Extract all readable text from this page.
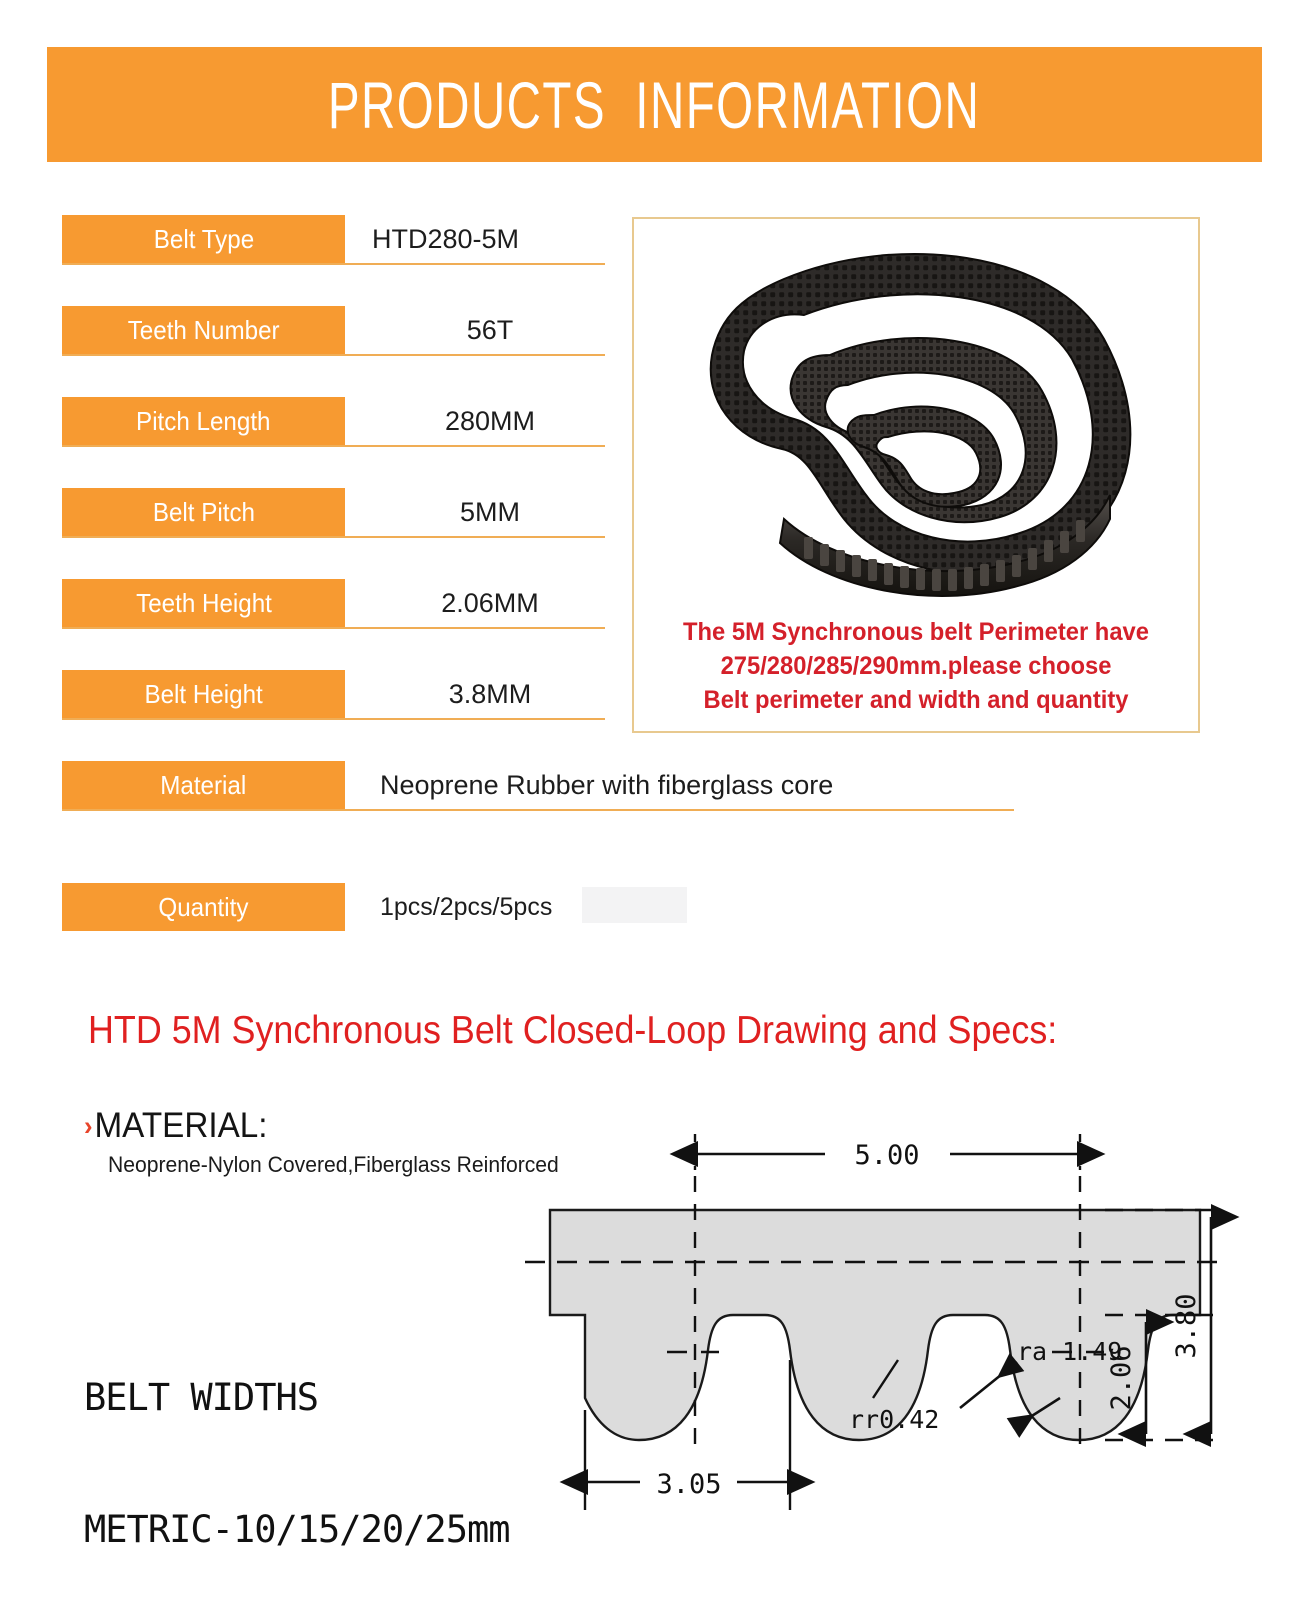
PRODUCTS  INFORMATION
Belt Type	HTD280-5M
Teeth Number	56T
Pitch Length	280MM
Belt Pitch	5MM
Teeth Height	2.06MM
Belt Height	3.8MM
Material	Neoprene Rubber with fiberglass core
Quantity	1pcs/2pcs/5pcs
The 5M Synchronous belt Perimeter have
275/280/285/290mm.please choose
Belt perimeter and width and quantity
HTD 5M Synchronous Belt Closed-Loop Drawing and Specs:
› MATERIAL:
Neoprene-Nylon Covered,Fiberglass Reinforced

BELT WIDTHS

METRIC-10/15/20/25mm

5.00
3.05
2.06
3.80
ra 1.49
rr0.42
